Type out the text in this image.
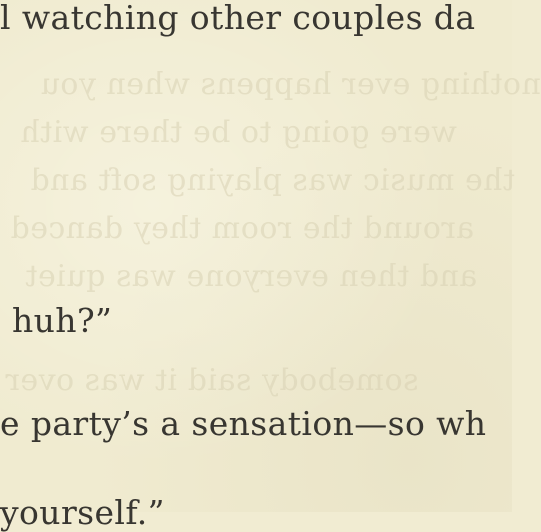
nothing ever happens when you
were going to be there with
the music was playing soft and
around the room they danced
and then everyone was quiet
somebody said it was over
l watching other couples da
huh?”
e party’s a sensation—so wh
yourself.”
